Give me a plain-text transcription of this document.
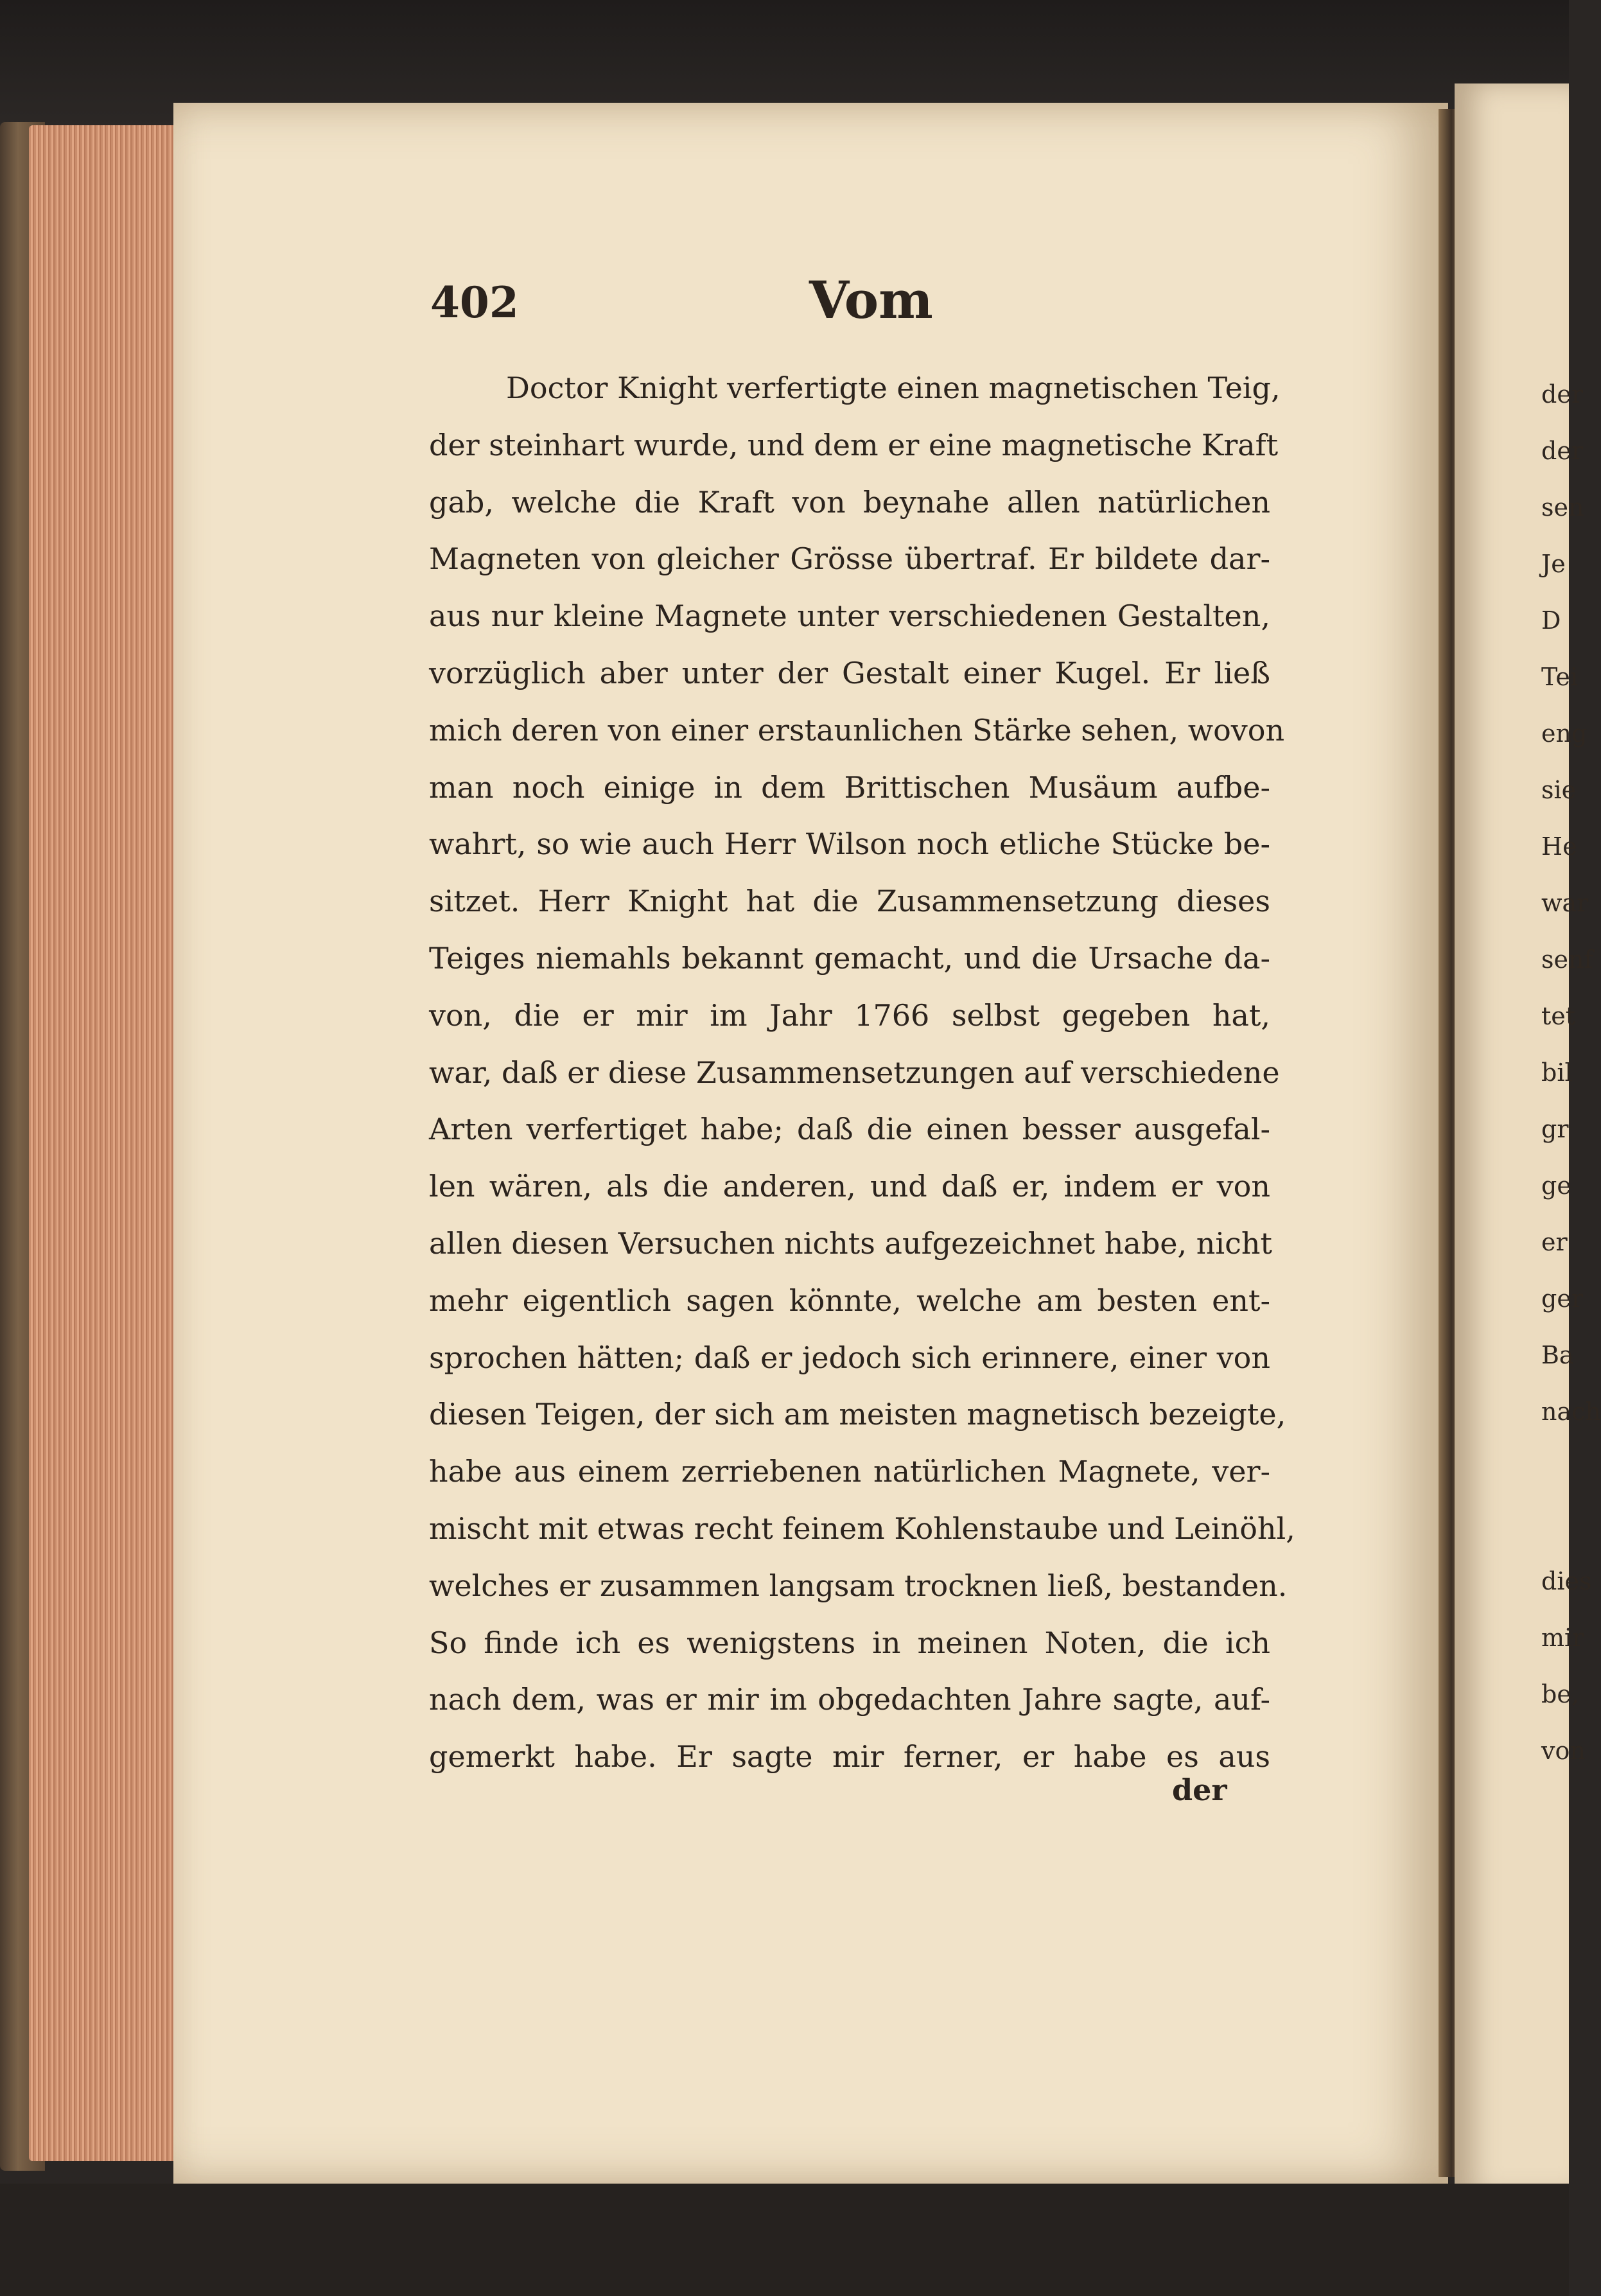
der
der
sen
Je
D
Tei
eng
sie
He
war
senf
tet
bil
gr
ge
er
ger
Ba
nach
dies
mir
be,
von
402	Vom
Doctor Knight verfertigte einen magnetischen Teig,
der steinhart wurde, und dem er eine magnetische Kraft
gab, welche die Kraft von beynahe allen natürlichen
Magneten von gleicher Grösse übertraf. Er bildete dar-
aus nur kleine Magnete unter verschiedenen Gestalten,
vorzüglich aber unter der Gestalt einer Kugel. Er ließ
mich deren von einer erstaunlichen Stärke sehen, wovon
man noch einige in dem Brittischen Musäum aufbe-
wahrt, so wie auch Herr Wilson noch etliche Stücke be-
sitzet. Herr Knight hat die Zusammensetzung dieses
Teiges niemahls bekannt gemacht, und die Ursache da-
von, die er mir im Jahr 1766 selbst gegeben hat,
war, daß er diese Zusammensetzungen auf verschiedene
Arten verfertiget habe; daß die einen besser ausgefal-
len wären, als die anderen, und daß er, indem er von
allen diesen Versuchen nichts aufgezeichnet habe, nicht
mehr eigentlich sagen könnte, welche am besten ent-
sprochen hätten; daß er jedoch sich erinnere, einer von
diesen Teigen, der sich am meisten magnetisch bezeigte,
habe aus einem zerriebenen natürlichen Magnete, ver-
mischt mit etwas recht feinem Kohlenstaube und Leinöhl,
welches er zusammen langsam trocknen ließ, bestanden.
So finde ich es wenigstens in meinen Noten, die ich
nach dem, was er mir im obgedachten Jahre sagte, auf-
gemerkt habe. Er sagte mir ferner, er habe es aus
der
